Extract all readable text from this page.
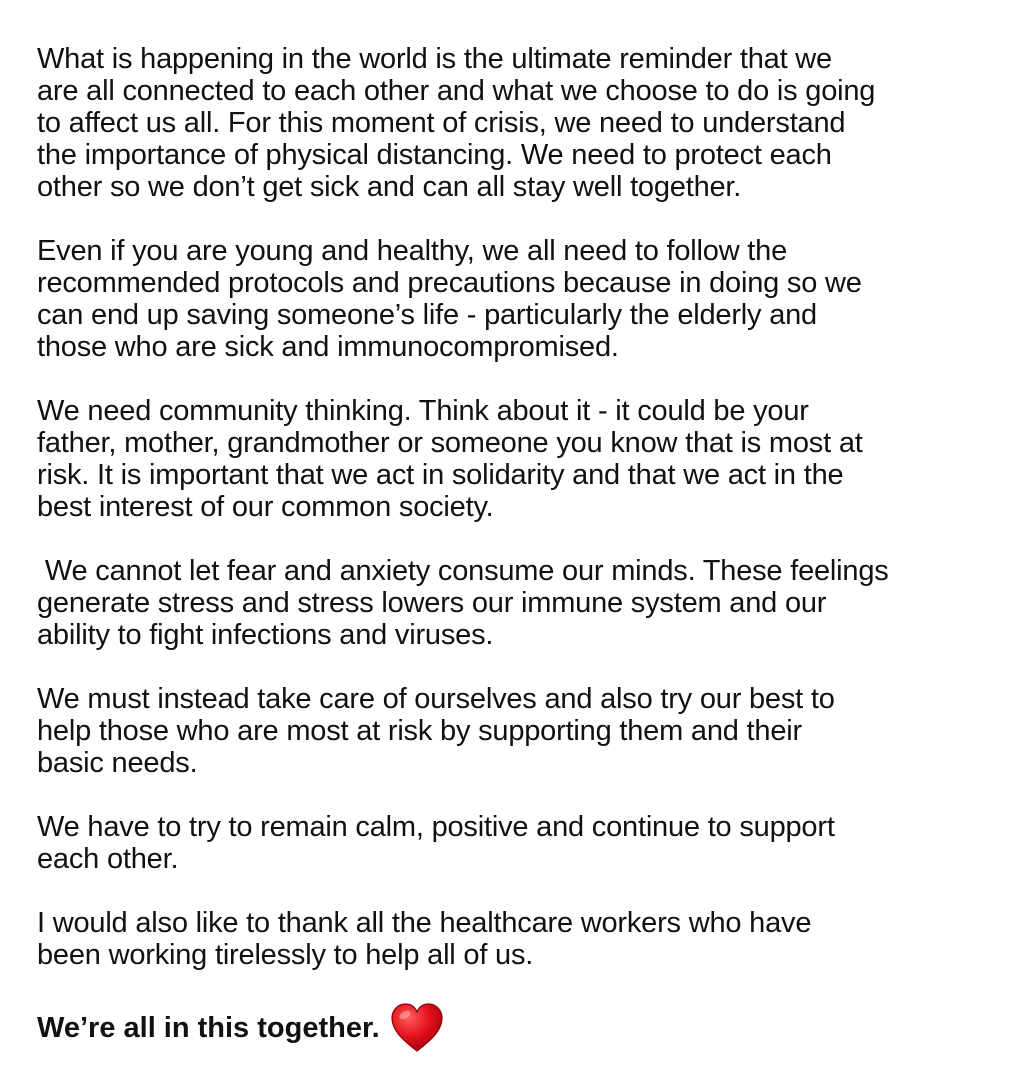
What is happening in the world is the ultimate reminder that we
are all connected to each other and what we choose to do is going
to affect us all. For this moment of crisis, we need to understand
the importance of physical distancing. We need to protect each
other so we don’t get sick and can all stay well together.
Even if you are young and healthy, we all need to follow the
recommended protocols and precautions because in doing so we
can end up saving someone’s life - particularly the elderly and
those who are sick and immunocompromised.
We need community thinking. Think about it - it could be your
father, mother, grandmother or someone you know that is most at
risk. It is important that we act in solidarity and that we act in the
best interest of our common society.
We cannot let fear and anxiety consume our minds. These feelings
generate stress and stress lowers our immune system and our
ability to fight infections and viruses.
We must instead take care of ourselves and also try our best to
help those who are most at risk by supporting them and their
basic needs.
We have to try to remain calm, positive and continue to support
each other.
I would also like to thank all the healthcare workers who have
been working tirelessly to help all of us.
We’re all in this together.
